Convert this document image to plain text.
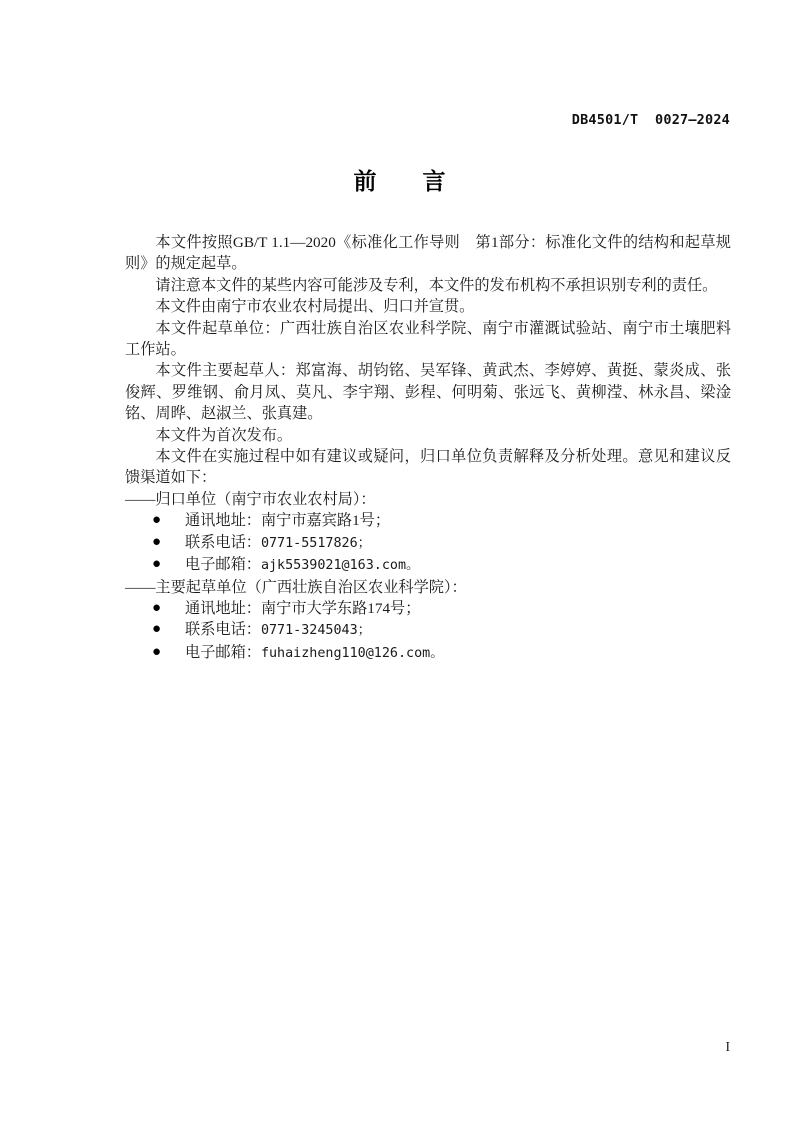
DB4501/T  0027—2024

前     言

本文件按照GB/T 1.1—2020《标准化工作导则　第1部分：标准化文件的结构和起草规则》的规定起草。

请注意本文件的某些内容可能涉及专利，本文件的发布机构不承担识别专利的责任。

本文件由南宁市农业农村局提出、归口并宣贯。

本文件起草单位：广西壮族自治区农业科学院、南宁市灌溉试验站、南宁市土壤肥料工作站。

本文件主要起草人：郑富海、胡钧铭、吴军锋、黄武杰、李婷婷、黄挺、蒙炎成、张俊辉、罗维钢、俞月凤、莫凡、李宇翔、彭程、何明菊、张远飞、黄柳滢、林永昌、梁淦铭、周晔、赵淑兰、张真建。

本文件为首次发布。

本文件在实施过程中如有建议或疑问，归口单位负责解释及分析处理。意见和建议反馈渠道如下：

——归口单位（南宁市农业农村局）：
● 通讯地址：南宁市嘉宾路1号；
● 联系电话：0771-5517826；
● 电子邮箱：ajk5539021@163.com。
——主要起草单位（广西壮族自治区农业科学院）：
● 通讯地址：南宁市大学东路174号；
● 联系电话：0771-3245043；
● 电子邮箱：fuhaizheng110@126.com。
I
